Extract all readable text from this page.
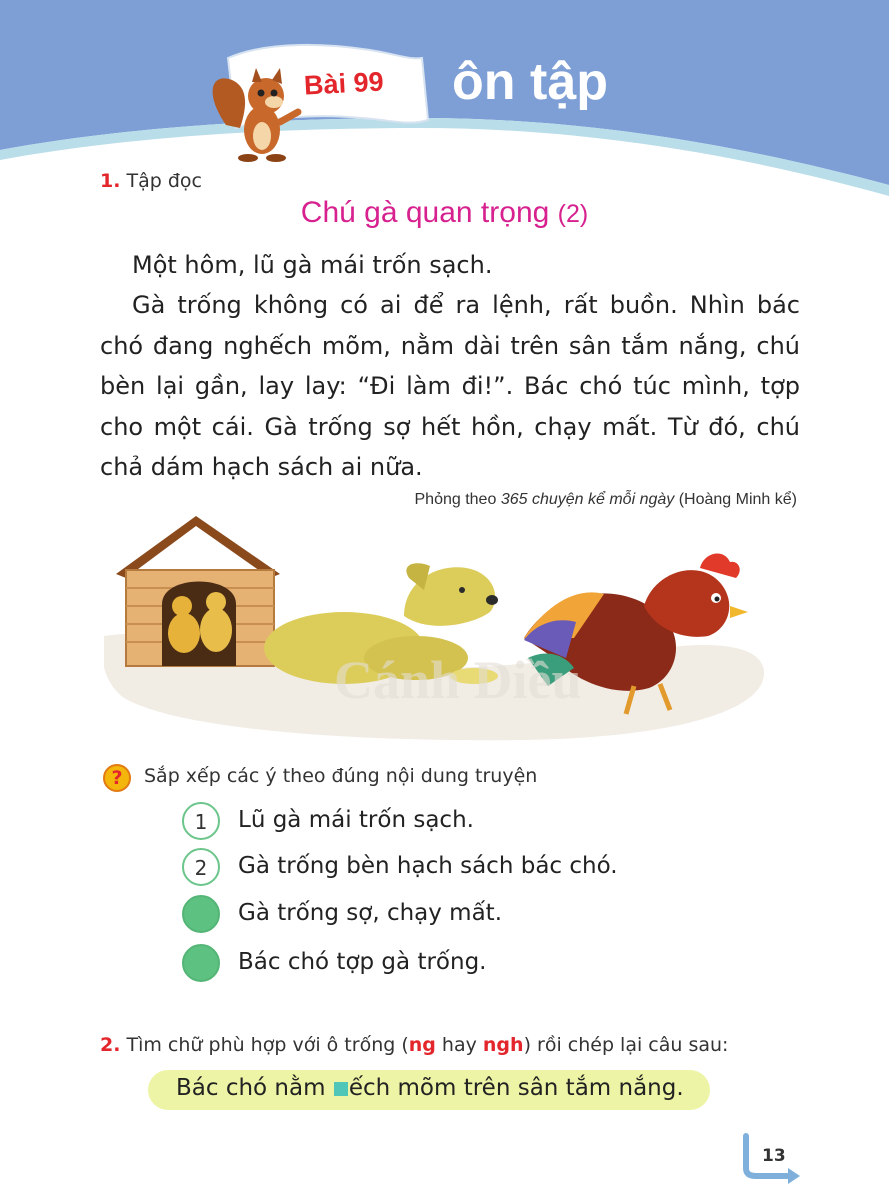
Bài 99	ôn tập
1. Tập đọc
Chú gà quan trọng (2)

Một hôm, lũ gà mái trốn sạch.

Gà trống không có ai để ra lệnh, rất buồn. Nhìn bác chó đang nghếch mõm, nằm dài trên sân tắm nắng, chú bèn lại gần, lay lay: “Đi làm đi!”. Bác chó túc mình, tợp cho một cái. Gà trống sợ hết hồn, chạy mất. Từ đó, chú chả dám hạch sách ai nữa.

Phỏng theo 365 chuyện kể mỗi ngày (Hoàng Minh kể)
Cánh Diều
?	Sắp xếp các ý theo đúng nội dung truyện
1	Lũ gà mái trốn sạch.
2	Gà trống bèn hạch sách bác chó.
Gà trống sợ, chạy mất.
Bác chó tợp gà trống.
2. Tìm chữ phù hợp với ô trống (ng hay ngh) rồi chép lại câu sau:
Bác chó nằm ếch mõm trên sân tắm nắng.
13
